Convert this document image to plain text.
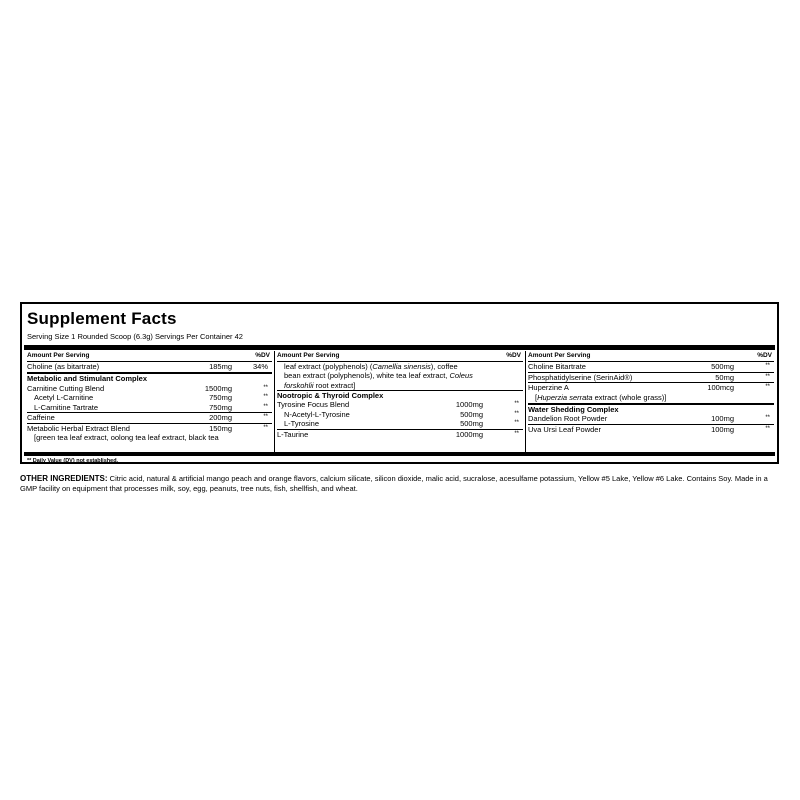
Supplement Facts
Serving Size 1 Rounded Scoop (6.3g) Servings Per Container 42
Amount Per Serving	%DV
Choline (as bitartrate)	185mg	34%
Metabolic and Stimulant Complex
Carnitine Cutting Blend	1500mg	**
Acetyl L-Carnitine	750mg	**
L-Carnitine Tartrate	750mg	**
Caffeine	200mg	**
Metabolic Herbal Extract Blend	150mg	**
[green tea leaf extract, oolong tea leaf extract, black tea
Amount Per Serving	%DV
leaf extract (polyphenols) (Camellia sinensis), coffee
bean extract (polyphenols), white tea leaf extract, Coleus
forskohlii root extract]
Nootropic & Thyroid Complex
Tyrosine Focus Blend	1000mg	**
N-Acetyl-L-Tyrosine	500mg	**
L-Tyrosine	500mg	**
L-Taurine	1000mg	**
Amount Per Serving	%DV
Choline Bitartrate	500mg	**
Phosphatidylserine (SerinAid®)	50mg	**
Huperzine A	100mcg	**
[Huperzia serrata extract (whole grass)]
Water Shedding Complex
Dandelion Root Powder	100mg	**
Uva Ursi Leaf Powder	100mg	**
** Daily Value (DV) not established.
OTHER INGREDIENTS: Citric acid, natural & artificial mango peach and orange flavors, calcium silicate, silicon dioxide, malic acid, sucralose, acesulfame potassium, Yellow #5 Lake, Yellow #6 Lake. Contains Soy. Made in a GMP facility on equipment that processes milk, soy, egg, peanuts, tree nuts, fish, shellfish, and wheat.
